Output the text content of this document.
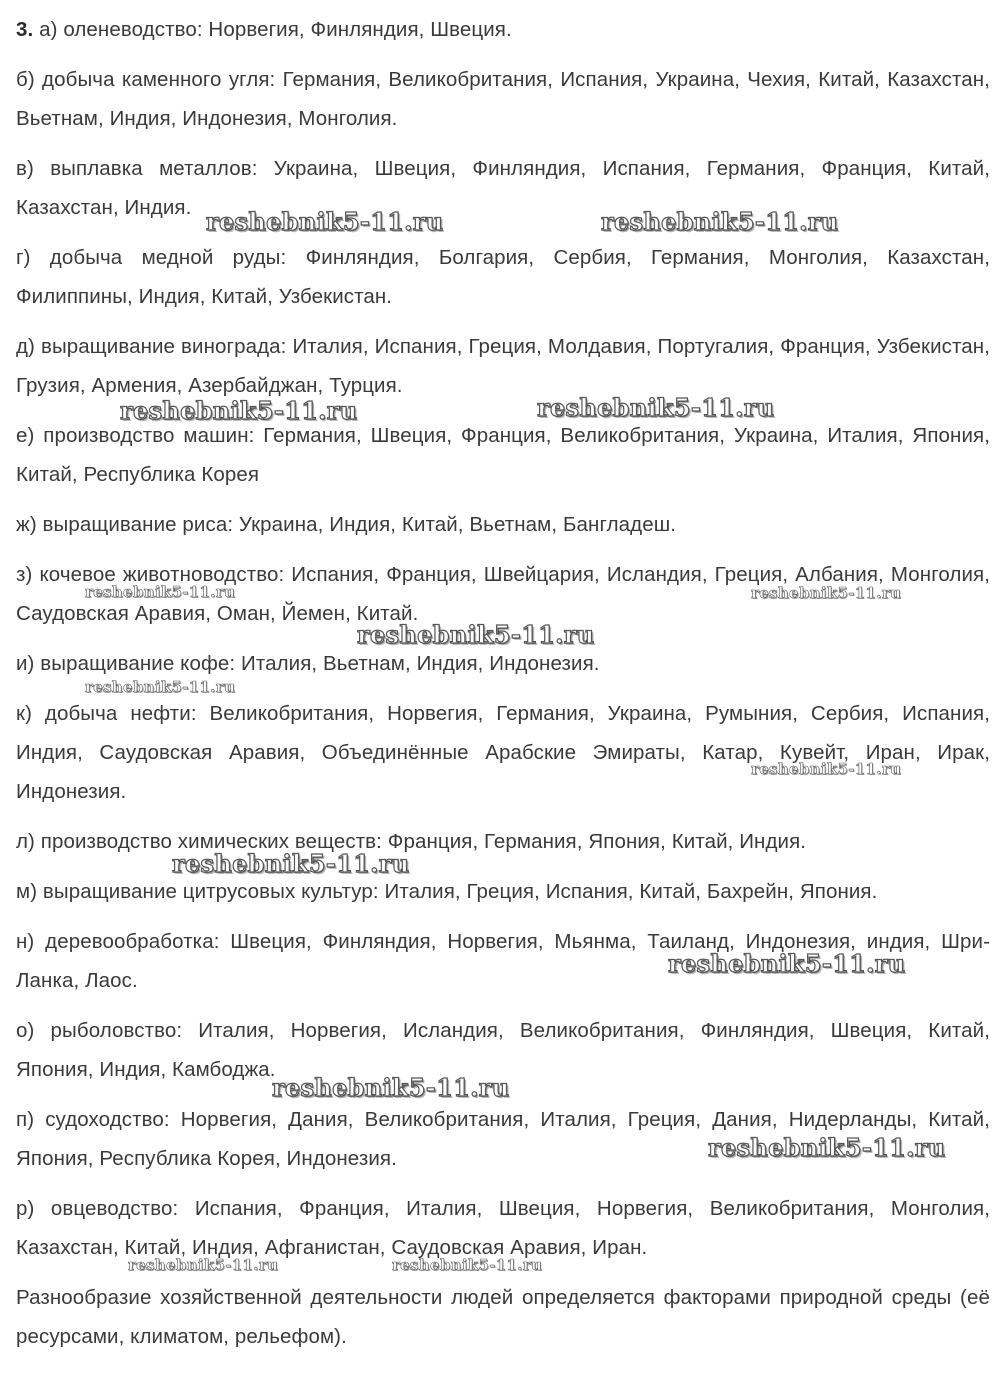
3. а) оленеводство: Норвегия, Финляндия, Швеция.

б) добыча каменного угля: Германия, Великобритания, Испания, Украина, Чехия, Китай, Казахстан, Вьетнам, Индия, Индонезия, Монголия.

в) выплавка металлов: Украина, Швеция, Финляндия, Испания, Германия, Франция, Китай, Казахстан, Индия.

г) добыча медной руды: Финляндия, Болгария, Сербия, Германия, Монголия, Казахстан, Филиппины, Индия, Китай, Узбекистан.

д) выращивание винограда: Италия, Испания, Греция, Молдавия, Португалия, Франция, Узбекистан, Грузия, Армения, Азербайджан, Турция.

е) производство машин: Германия, Швеция, Франция, Великобритания, Украина, Италия, Япония, Китай, Республика Корея

ж) выращивание риса: Украина, Индия, Китай, Вьетнам, Бангладеш.

з) кочевое животноводство: Испания, Франция, Швейцария, Исландия, Греция, Албания, Монголия, Саудовская Аравия, Оман, Йемен, Китай.

и) выращивание кофе: Италия, Вьетнам, Индия, Индонезия.

к) добыча нефти: Великобритания, Норвегия, Германия, Украина, Румыния, Сербия, Испания, Индия, Саудовская Аравия, Объединённые Арабские Эмираты, Катар, Кувейт, Иран, Ирак, Индонезия.

л) производство химических веществ: Франция, Германия, Япония, Китай, Индия.

м) выращивание цитрусовых культур: Италия, Греция, Испания, Китай, Бахрейн, Япония.

н) деревообработка: Швеция, Финляндия, Норвегия, Мьянма, Таиланд, Индонезия, индия, Шри-Ланка, Лаос.

о) рыболовство: Италия, Норвегия, Исландия, Великобритания, Финляндия, Швеция, Китай, Япония, Индия, Камбоджа.

п) судоходство: Норвегия, Дания, Великобритания, Италия, Греция, Дания, Нидерланды, Китай, Япония, Республика Корея, Индонезия.

р) овцеводство: Испания, Франция, Италия, Швеция, Норвегия, Великобритания, Монголия, Казахстан, Китай, Индия, Афганистан, Саудовская Аравия, Иран.

Разнообразие хозяйственной деятельности людей определяется факторами природной среды (её ресурсами, климатом, рельефом).

reshebnik5-11.ru	reshebnik5-11.ru
reshebnik5-11.ru	reshebnik5-11.ru
reshebnik5-11.ru	reshebnik5-11.ru
reshebnik5-11.ru
reshebnik5-11.ru
reshebnik5-11.ru
reshebnik5-11.ru
reshebnik5-11.ru
reshebnik5-11.ru
reshebnik5-11.ru
reshebnik5-11.ru	reshebnik5-11.ru
